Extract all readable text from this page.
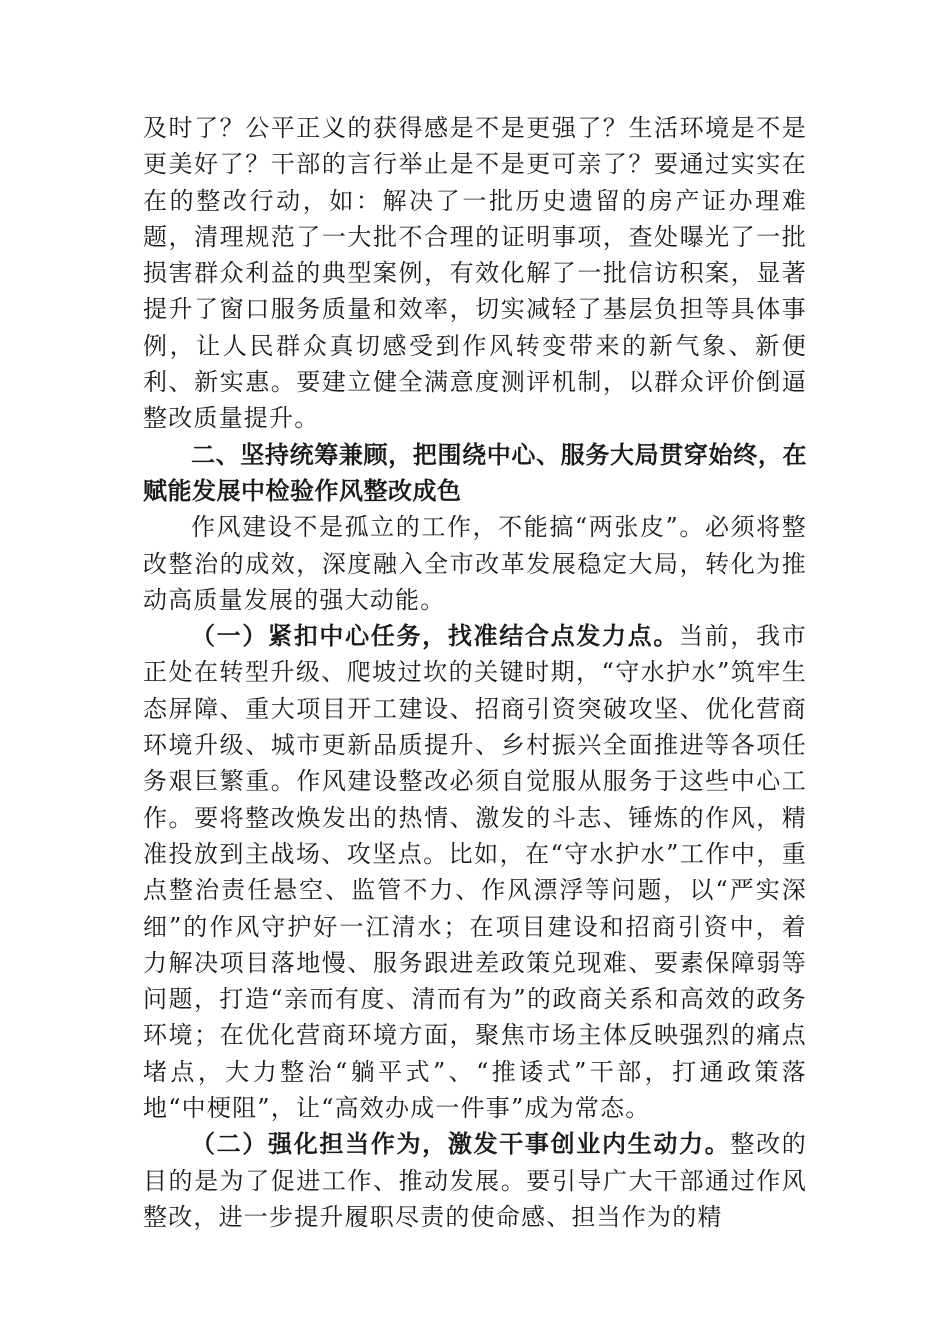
及时了？公平正义的获得感是不是更强了？生活环境是不是更美好了？干部的言行举止是不是更可亲了？要通过实实在在的整改行动，如：解决了一批历史遗留的房产证办理难题，清理规范了一大批不合理的证明事项，查处曝光了一批损害群众利益的典型案例，有效化解了一批信访积案，显著提升了窗口服务质量和效率，切实减轻了基层负担等具体事例，让人民群众真切感受到作风转变带来的新气象、新便利、新实惠。要建立健全满意度测评机制，以群众评价倒逼整改质量提升。

二、坚持统筹兼顾，把围绕中心、服务大局贯穿始终，在赋能发展中检验作风整改成色

作风建设不是孤立的工作，不能搞“两张皮”。必须将整改整治的成效，深度融入全市改革发展稳定大局，转化为推动高质量发展的强大动能。

（一）紧扣中心任务，找准结合点发力点。当前，我市正处在转型升级、爬坡过坎的关键时期，“守水护水”筑牢生态屏障、重大项目开工建设、招商引资突破攻坚、优化营商环境升级、城市更新品质提升、乡村振兴全面推进等各项任务艰巨繁重。作风建设整改必须自觉服从服务于这些中心工作。要将整改焕发出的热情、激发的斗志、锤炼的作风，精准投放到主战场、攻坚点。比如，在“守水护水”工作中，重点整治责任悬空、监管不力、作风漂浮等问题，以“严实深细”的作风守护好一江清水；在项目建设和招商引资中，着力解决项目落地慢、服务跟进差政策兑现难、要素保障弱等问题，打造“亲而有度、清而有为”的政商关系和高效的政务环境；在优化营商环境方面，聚焦市场主体反映强烈的痛点堵点，大力整治“躺平式”、“推诿式”干部，打通政策落地“中梗阻”，让“高效办成一件事”成为常态。

（二）强化担当作为，激发干事创业内生动力。整改的目的是为了促进工作、推动发展。要引导广大干部通过作风整改，进一步提升履职尽责的使命感、担当作为的精
